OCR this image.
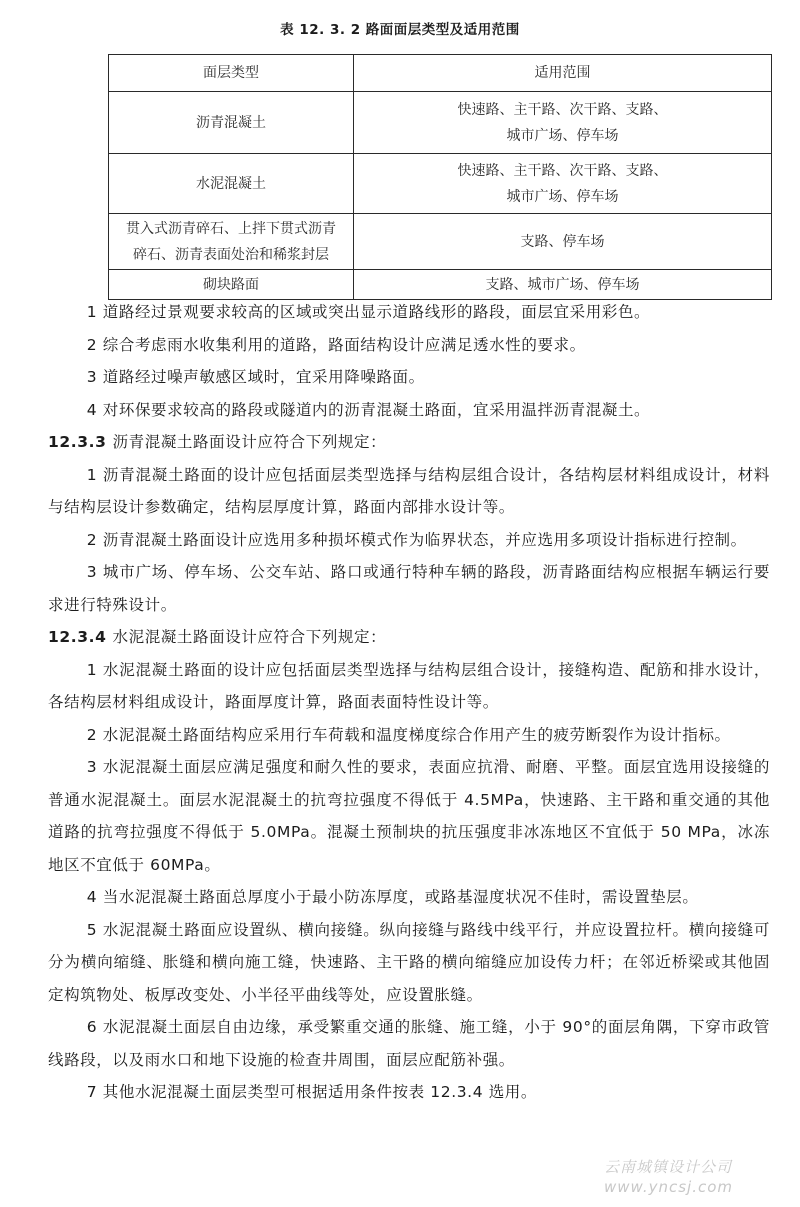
表 12. 3. 2 路面面层类型及适用范围
面层类型	适用范围
沥青混凝土	快速路、主干路、次干路、支路、
城市广场、停车场

水泥混凝土	快速路、主干路、次干路、支路、
城市广场、停车场

贯入式沥青碎石、上拌下贯式沥青
碎石、沥青表面处治和稀浆封层	支路、停车场

砌块路面	支路、城市广场、停车场

1 道路经过景观要求较高的区域或突出显示道路线形的路段，面层宜采用彩色。

2 综合考虑雨水收集利用的道路，路面结构设计应满足透水性的要求。

3 道路经过噪声敏感区域时，宜采用降噪路面。

4 对环保要求较高的路段或隧道内的沥青混凝土路面，宜采用温拌沥青混凝土。

12.3.3 沥青混凝土路面设计应符合下列规定：

1 沥青混凝土路面的设计应包括面层类型选择与结构层组合设计，各结构层材料组成设计，材料与结构层设计参数确定，结构层厚度计算，路面内部排水设计等。

2 沥青混凝土路面设计应选用多种损坏模式作为临界状态，并应选用多项设计指标进行控制。

3 城市广场、停车场、公交车站、路口或通行特种车辆的路段，沥青路面结构应根据车辆运行要求进行特殊设计。

12.3.4 水泥混凝土路面设计应符合下列规定：

1 水泥混凝土路面的设计应包括面层类型选择与结构层组合设计，接缝构造、配筋和排水设计，各结构层材料组成设计，路面厚度计算，路面表面特性设计等。

2 水泥混凝土路面结构应采用行车荷载和温度梯度综合作用产生的疲劳断裂作为设计指标。

3 水泥混凝土面层应满足强度和耐久性的要求，表面应抗滑、耐磨、平整。面层宜选用设接缝的普通水泥混凝土。面层水泥混凝土的抗弯拉强度不得低于 4.5MPa，快速路、主干路和重交通的其他道路的抗弯拉强度不得低于 5.0MPa。混凝土预制块的抗压强度非冰冻地区不宜低于 50 MPa，冰冻地区不宜低于 60MPa。

4 当水泥混凝土路面总厚度小于最小防冻厚度，或路基湿度状况不佳时，需设置垫层。

5 水泥混凝土路面应设置纵、横向接缝。纵向接缝与路线中线平行，并应设置拉杆。横向接缝可分为横向缩缝、胀缝和横向施工缝，快速路、主干路的横向缩缝应加设传力杆；在邻近桥梁或其他固定构筑物处、板厚改变处、小半径平曲线等处，应设置胀缝。

6 水泥混凝土面层自由边缘，承受繁重交通的胀缝、施工缝，小于 90°的面层角隅，下穿市政管线路段，以及雨水口和地下设施的检查井周围，面层应配筋补强。

7 其他水泥混凝土面层类型可根据适用条件按表 12.3.4 选用。

云南城镇设计公司
www.yncsj.com
